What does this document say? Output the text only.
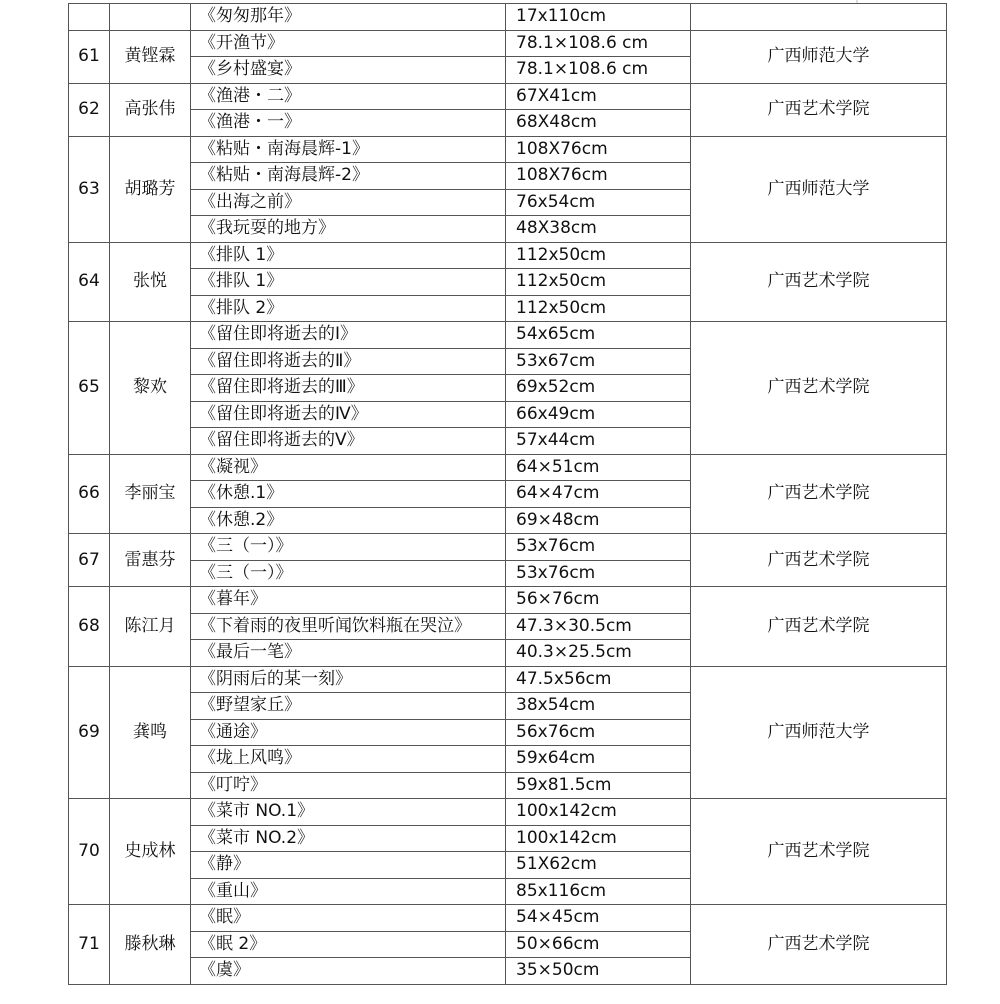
		《匆匆那年》	17x110cm	
61	黄铿霖	《开渔节》	78.1×108.6 cm	广西师范大学
		《乡村盛宴》	78.1×108.6 cm	
62	高张伟	《渔港・二》	67X41cm	广西艺术学院
		《渔港・一》	68X48cm	
63	胡璐芳	《粘贴・南海晨辉-1》	108X76cm	广西师范大学
		《粘贴・南海晨辉-2》	108X76cm	
		《出海之前》	76x54cm	
		《我玩耍的地方》	48X38cm	
64	张悦	《排队 1》	112x50cm	广西艺术学院
		《排队 1》	112x50cm	
		《排队 2》	112x50cm	
65	黎欢	《留住即将逝去的Ⅰ》	54x65cm	广西艺术学院
		《留住即将逝去的Ⅱ》	53x67cm	
		《留住即将逝去的Ⅲ》	69x52cm	
		《留住即将逝去的Ⅳ》	66x49cm	
		《留住即将逝去的Ⅴ》	57x44cm	
66	李丽宝	《凝视》	64×51cm	广西艺术学院
		《休憩.1》	64×47cm	
		《休憩.2》	69×48cm	
67	雷惠芬	《三（一）》	53x76cm	广西艺术学院
		《三（一）》	53x76cm	
68	陈江月	《暮年》	56×76cm	广西艺术学院
		《下着雨的夜里听闻饮料瓶在哭泣》	47.3×30.5cm	
		《最后一笔》	40.3×25.5cm	
69	龚鸣	《阴雨后的某一刻》	47.5x56cm	广西师范大学
		《野望家丘》	38x54cm	
		《通途》	56x76cm	
		《垅上风鸣》	59x64cm	
		《叮咛》	59x81.5cm	
70	史成林	《菜市 NO.1》	100x142cm	广西艺术学院
		《菜市 NO.2》	100x142cm	
		《静》	51X62cm	
		《重山》	85x116cm	
71	滕秋琳	《眠》	54×45cm	广西艺术学院
		《眠 2》	50×66cm	
		《虞》	35×50cm	
